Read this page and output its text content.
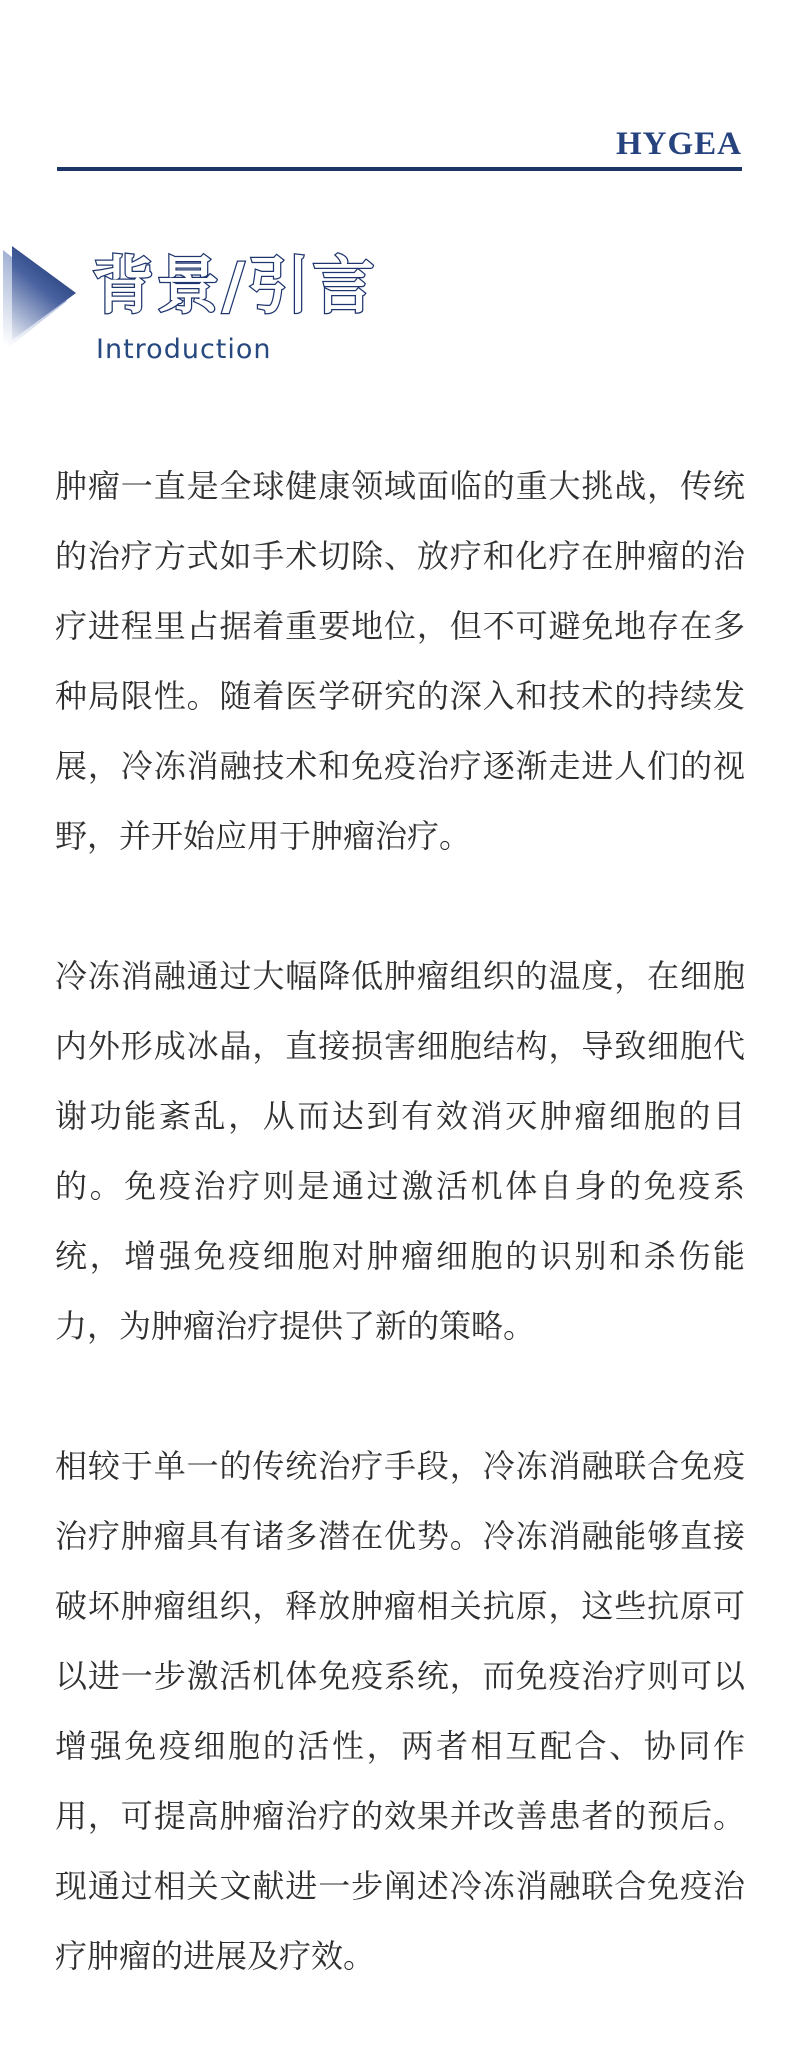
HYGEA
背景/引言
Introduction
肿瘤一直是全球健康领域面临的重大挑战，传统
的治疗方式如手术切除、放疗和化疗在肿瘤的治
疗进程里占据着重要地位，但不可避免地存在多
种局限性。随着医学研究的深入和技术的持续发
展，冷冻消融技术和免疫治疗逐渐走进人们的视
野，并开始应用于肿瘤治疗。
冷冻消融通过大幅降低肿瘤组织的温度，在细胞
内外形成冰晶，直接损害细胞结构，导致细胞代
谢功能紊乱，从而达到有效消灭肿瘤细胞的目
的。免疫治疗则是通过激活机体自身的免疫系
统，增强免疫细胞对肿瘤细胞的识别和杀伤能
力，为肿瘤治疗提供了新的策略。
相较于单一的传统治疗手段，冷冻消融联合免疫
治疗肿瘤具有诸多潜在优势。冷冻消融能够直接
破坏肿瘤组织，释放肿瘤相关抗原，这些抗原可
以进一步激活机体免疫系统，而免疫治疗则可以
增强免疫细胞的活性，两者相互配合、协同作
用，可提高肿瘤治疗的效果并改善患者的预后。
现通过相关文献进一步阐述冷冻消融联合免疫治
疗肿瘤的进展及疗效。
